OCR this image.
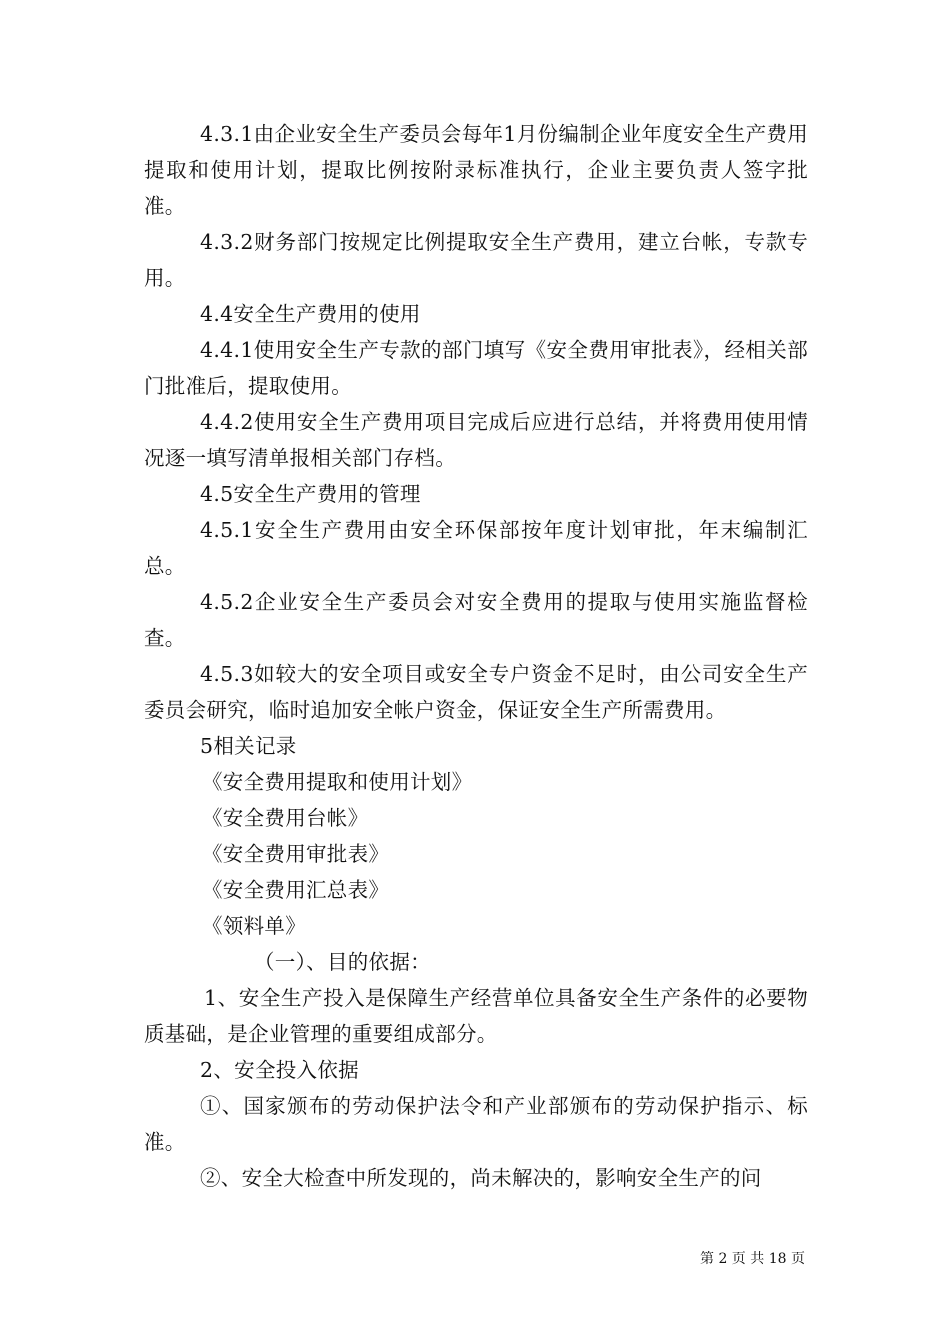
4.3.1由企业安全生产委员会每年1月份编制企业年度安全生产费用提取和使用计划，提取比例按附录标准执行，企业主要负责人签字批准。

4.3.2财务部门按规定比例提取安全生产费用，建立台帐，专款专用。

4.4安全生产费用的使用

4.4.1使用安全生产专款的部门填写《安全费用审批表》，经相关部门批准后，提取使用。

4.4.2使用安全生产费用项目完成后应进行总结，并将费用使用情况逐一填写清单报相关部门存档。

4.5安全生产费用的管理

4.5.1安全生产费用由安全环保部按年度计划审批，年末编制汇总。

4.5.2企业安全生产委员会对安全费用的提取与使用实施监督检查。

4.5.3如较大的安全项目或安全专户资金不足时，由公司安全生产委员会研究，临时追加安全帐户资金，保证安全生产所需费用。

5相关记录

《安全费用提取和使用计划》

《安全费用台帐》

《安全费用审批表》

《安全费用汇总表》

《领料单》

（一）、目的依据：

1、安全生产投入是保障生产经营单位具备安全生产条件的必要物质基础，是企业管理的重要组成部分。

2、安全投入依据

①、国家颁布的劳动保护法令和产业部颁布的劳动保护指示、标准。

②、安全大检查中所发现的，尚未解决的，影响安全生产的问

第 2 页 共 18 页
